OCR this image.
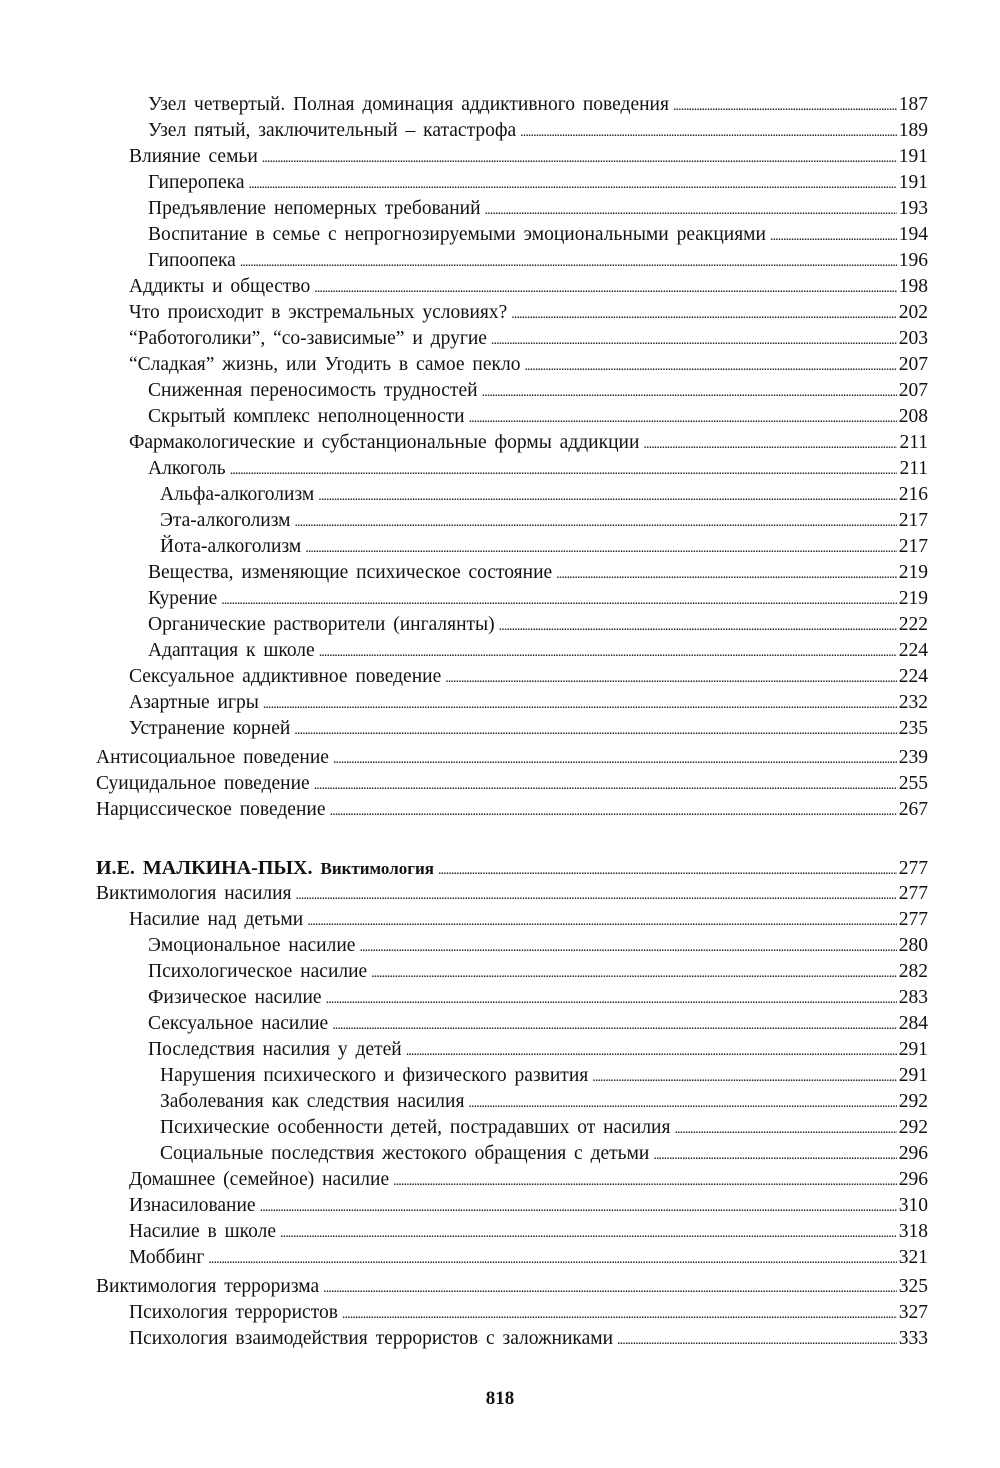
Узел четвертый. Полная доминация аддиктивного поведения . . .	187
Узел пятый, заключительный – катастрофа . . .	189
Влияние семьи . . .	191
Гиперопека . . .	191
Предъявление непомерных требований . . .	193
Воспитание в семье с непрогнозируемыми эмоциональными реакциями . . .	194
Гипоопека . . .	196
Аддикты и общество . . .	198
Что происходит в экстремальных условиях? . . .	202
“Работоголики”, “со-зависимые” и другие . . .	203
“Сладкая” жизнь, или Угодить в самое пекло . . .	207
Сниженная переносимость трудностей . . .	207
Скрытый комплекс неполноценности . . .	208
Фармакологические и субстанциональные формы аддикции . . .	211
Алкоголь . . .	211
Альфа-алкоголизм . . .	216
Эта-алкоголизм . . .	217
Йота-алкоголизм . . .	217
Вещества, изменяющие психическое состояние . . .	219
Курение . . .	219
Органические растворители (ингалянты) . . .	222
Адаптация к школе . . .	224
Сексуальное аддиктивное поведение . . .	224
Азартные игры . . .	232
Устранение корней . . .	235
Антисоциальное поведение . . .	239
Суицидальное поведение . . .	255
Нарциссическое поведение . . .	267
И.Е. МАЛКИНА-ПЫХ. Виктимология . . .	277
Виктимология насилия . . .	277
Насилие над детьми . . .	277
Эмоциональное насилие . . .	280
Психологическое насилие . . .	282
Физическое насилие . . .	283
Сексуальное насилие . . .	284
Последствия насилия у детей . . .	291
Нарушения психического и физического развития . . .	291
Заболевания как следствия насилия . . .	292
Психические особенности детей, пострадавших от насилия . . .	292
Социальные последствия жестокого обращения с детьми . . .	296
Домашнее (семейное) насилие . . .	296
Изнасилование . . .	310
Насилие в школе . . .	318
Моббинг . . .	321
Виктимология терроризма . . .	325
Психология террористов . . .	327
Психология взаимодействия террористов с заложниками . . .	333
818
